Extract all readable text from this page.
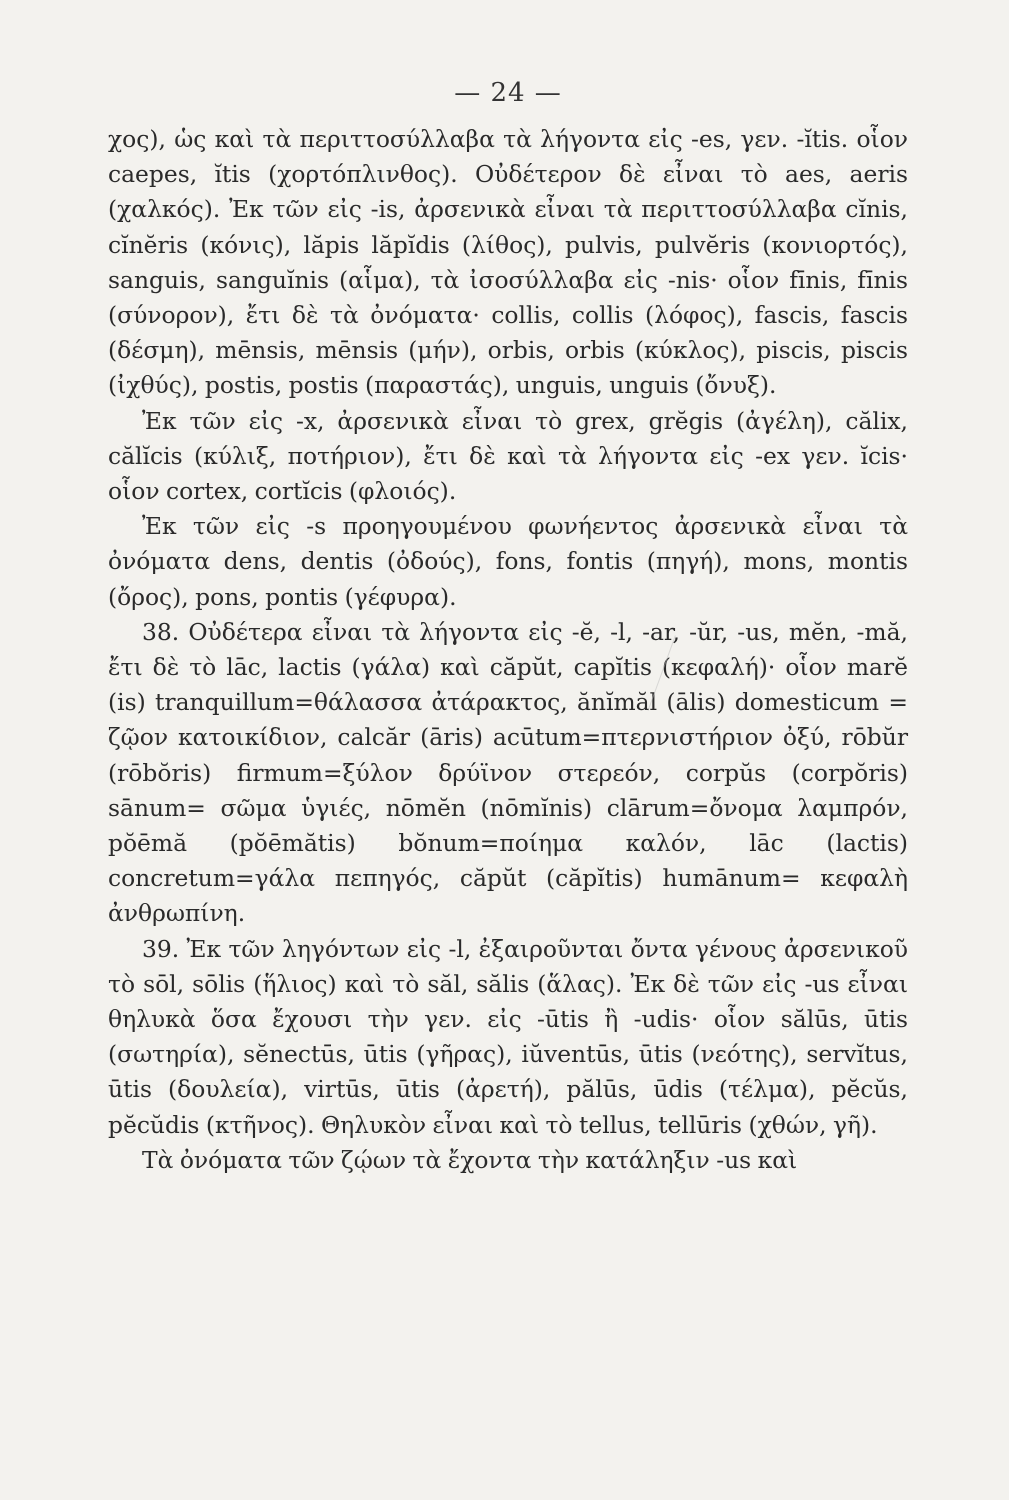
— 24 —

χος), ὡς καὶ τὰ περιττοσύλλαβα τὰ λήγοντα εἰς -es, γεν. -ĭtis. οἷον caepes, ĭtis (χορτόπλινθος). Οὐδέτερον δὲ εἶναι τὸ aes, aeris (χαλκός). Ἐκ τῶν εἰς -is, ἀρσενικὰ εἶναι τὰ περιττοσύλλαβα cĭnis, cĭnĕris (κόνις), lăpis lăpĭdis (λίθος), pulvis, pulvĕris (κονιορτός), sanguis, sanguĭnis (αἷμα), τὰ ἰσοσύλλαβα εἰς -nis· οἷον fīnis, fīnis (σύνορον), ἔτι δὲ τὰ ὀνόματα· collis, collis (λόφος), fascis, fascis (δέσμη), mēnsis, mēnsis (μήν), orbis, orbis (κύκλος), piscis, piscis (ἰχθύς), postis, postis (παραστάς), unguis, unguis (ὄνυξ).

Ἐκ τῶν εἰς -x, ἀρσενικὰ εἶναι τὸ grex, grĕgis (ἀγέλη), călix, călĭcis (κύλιξ, ποτήριον), ἔτι δὲ καὶ τὰ λήγοντα εἰς -ex γεν. ĭcis· οἷον cortex, cortĭcis (φλοιός).

Ἐκ τῶν εἰς -s προηγουμένου φωνήεντος ἀρσενικὰ εἶναι τὰ ὀνόματα dens, dentis (ὀδούς), fons, fontis (πηγή), mons, montis (ὄρος), pons, pontis (γέφυρα).

38. Οὐδέτερα εἶναι τὰ λήγοντα εἰς -ĕ, -l, -ar, -ŭr, -us, mĕn, -mă, ἔτι δὲ τὸ lāc, lactis (γάλα) καὶ căpŭt, capĭtis (κεφαλή)· οἷον marĕ (is) tranquillum=θάλασσα ἀτάρακτος, ănĭmăl (ālis) domesticum = ζῷον κατοικίδιον, calcăr (āris) acūtum=πτερνιστήριον ὀξύ, rōbŭr (rōbŏris) firmum=ξύλον δρύϊνον στερεόν, corpŭs (corpŏris) sānum= σῶμα ὑγιές, nōmĕn (nōmĭnis) clārum=ὄνομα λαμπρόν, pŏēmă (pŏēmătis) bŏnum=ποίημα καλόν, lāc (lactis) concretum=γάλα πεπηγός, căpŭt (căpĭtis) humānum= κεφαλὴ ἀνθρωπίνη.

39. Ἐκ τῶν ληγόντων εἰς -l, ἐξαιροῦνται ὄντα γένους ἀρσενικοῦ τὸ sōl, sōlis (ἥλιος) καὶ τὸ săl, sălis (ἅλας). Ἐκ δὲ τῶν εἰς -us εἶναι θηλυκὰ ὅσα ἔχουσι τὴν γεν. εἰς -ūtis ἢ -udis· οἷον sălūs, ūtis (σωτηρία), sĕnectūs, ūtis (γῆρας), iŭventūs, ūtis (νεότης), servĭtus, ūtis (δουλεία), virtūs, ūtis (ἀρετή), pălūs, ūdis (τέλμα), pĕcŭs, pĕcŭdis (κτῆνος). Θηλυκὸν εἶναι καὶ τὸ tellus, tellūris (χθών, γῆ).

Τὰ ὀνόματα τῶν ζῴων τὰ ἔχοντα τὴν κατάληξιν -us καὶ
